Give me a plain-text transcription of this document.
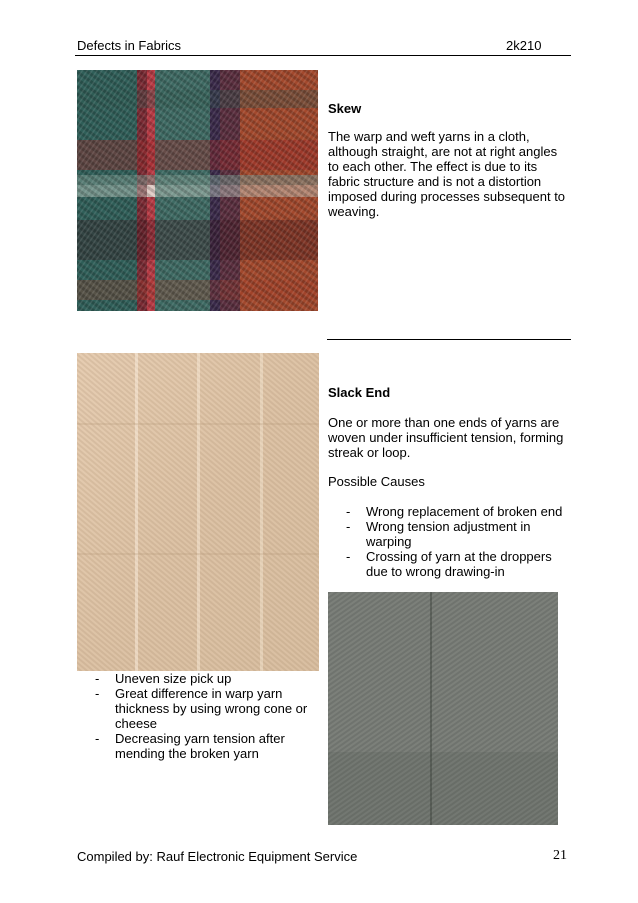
Defects in Fabrics	2k210
Skew
The warp and weft yarns in a cloth, although straight, are not at right angles to each other. The effect is due to its fabric structure and is not a distortion imposed during processes subsequent to weaving.
Slack End
One or more than one ends of yarns are woven under insufficient tension, forming streak or loop.
Possible Causes
- Wrong replacement of broken end
- Wrong tension adjustment in warping
- Crossing of yarn at the droppers due to wrong drawing-in
- Uneven size pick up
- Great difference in warp yarn thickness by using wrong cone or cheese
- Decreasing yarn tension after mending the broken yarn
Compiled by: Rauf Electronic Equipment Service	21
